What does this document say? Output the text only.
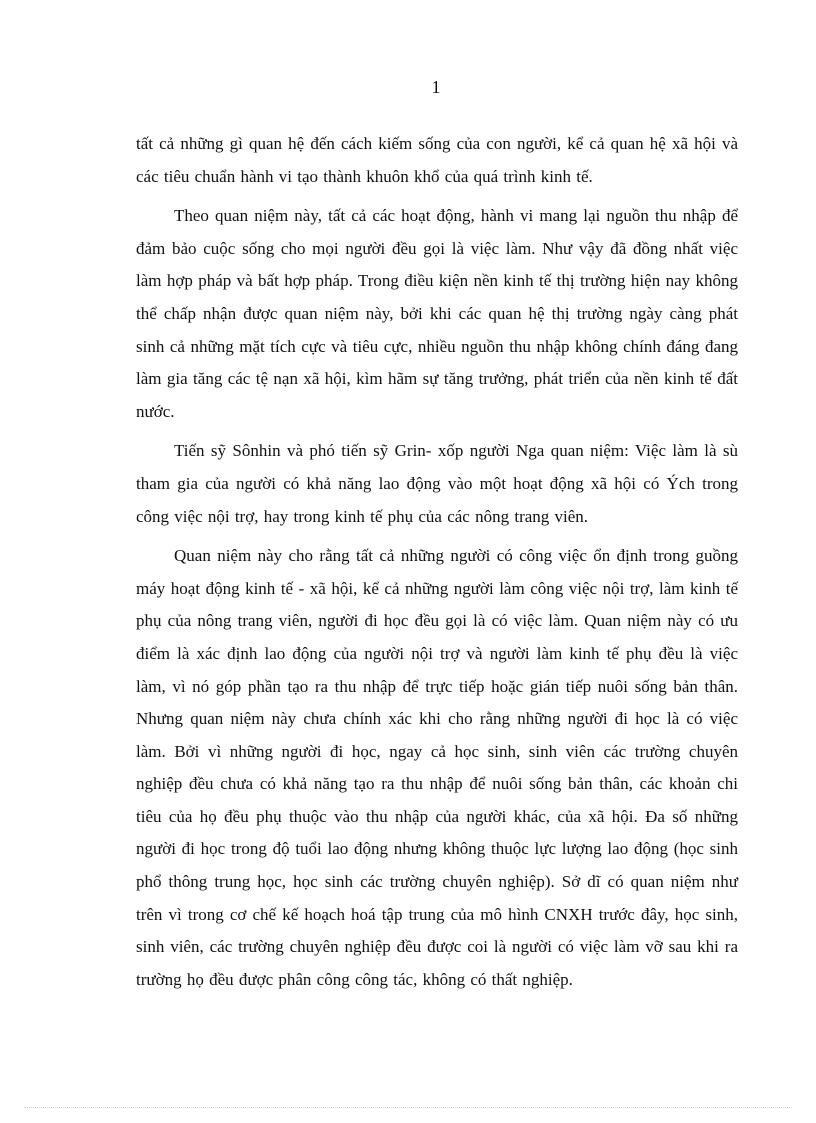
1

tất cả những gì quan hệ đến cách kiếm sống của con người, kể cả quan hệ xã hội và các tiêu chuẩn hành vi tạo thành khuôn khổ của quá trình kinh tế.

Theo quan niệm này, tất cả các hoạt động, hành vi mang lại nguồn thu nhập để đảm bảo cuộc sống cho mọi người đều gọi là việc làm. Như vậy đã đồng nhất việc làm hợp pháp và bất hợp pháp. Trong điều kiện nền kinh tế thị trường hiện nay không thể chấp nhận được quan niệm này, bởi khi các quan hệ thị trường ngày càng phát sinh cả những mặt tích cực và tiêu cực, nhiều nguồn thu nhập không chính đáng đang làm gia tăng các tệ nạn xã hội, kìm hãm sự tăng trưởng, phát triển của nền kinh tế đất nước.

Tiến sỹ Sônhin và phó tiến sỹ Grin- xốp người Nga quan niệm: Việc làm là sù tham gia của người có khả năng lao động vào một hoạt động xã hội có Ých trong công việc nội trợ, hay trong kinh tế phụ của các nông trang viên.

Quan niệm này cho rằng tất cả những người có công việc ổn định trong guồng máy hoạt động kinh tế - xã hội, kể cả những người làm công việc nội trợ, làm kinh tế phụ của nông trang viên, người đi học đều gọi là có việc làm. Quan niệm này có ưu điểm là xác định lao động của người nội trợ và người làm kinh tế phụ đều là việc làm, vì nó góp phần tạo ra thu nhập để trực tiếp hoặc gián tiếp nuôi sống bản thân. Nhưng quan niệm này chưa chính xác khi cho rằng những người đi học là có việc làm. Bởi vì những người đi học, ngay cả học sinh, sinh viên các trường chuyên nghiệp đều chưa có khả năng tạo ra thu nhập để nuôi sống bản thân, các khoản chi tiêu của họ đều phụ thuộc vào thu nhập của người khác, của xã hội. Đa số những người đi học trong độ tuổi lao động nhưng không thuộc lực lượng lao động (học sinh phổ thông trung học, học sinh các trường chuyên nghiệp). Sở dĩ có quan niệm như trên vì trong cơ chế kế hoạch hoá tập trung của mô hình CNXH trước đây, học sinh, sinh viên, các trường chuyên nghiệp đều được coi là người có việc làm vỡ sau khi ra trường họ đều được phân công công tác, không có thất nghiệp.
